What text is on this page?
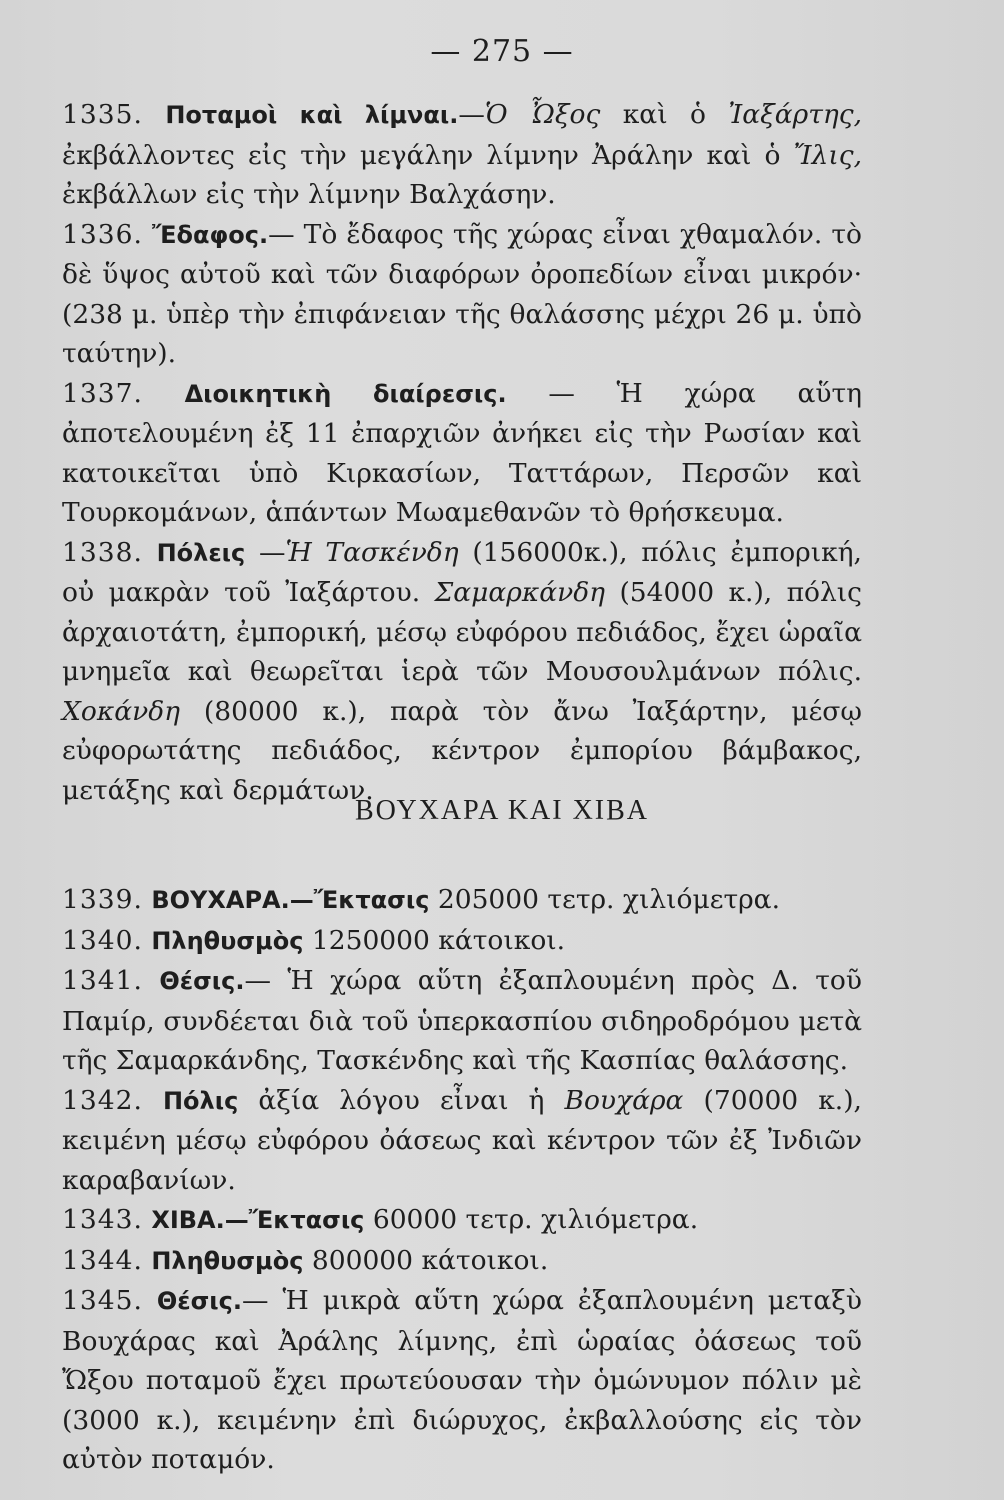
— 275 —

1335. Ποταμοὶ καὶ λίμναι.—Ὁ Ὦξος καὶ ὁ Ἰαξάρτης, ἐκβάλλοντες εἰς τὴν μεγάλην λίμνην Ἀράλην καὶ ὁ Ἴλις, ἐκβάλλων εἰς τὴν λίμνην Βαλχάσην.

1336. Ἔδαφος.— Τὸ ἔδαφος τῆς χώρας εἶναι χθαμαλόν. τὸ δὲ ὕψος αὐτοῦ καὶ τῶν διαφόρων ὀροπεδίων εἶναι μικρόν· (238 μ. ὑπὲρ τὴν ἐπιφάνειαν τῆς θαλάσσης μέχρι 26 μ. ὑπὸ ταύτην).

1337. Διοικητικὴ διαίρεσις. — Ἡ χώρα αὕτη ἀποτελουμένη ἐξ 11 ἐπαρχιῶν ἀνήκει εἰς τὴν Ρωσίαν καὶ κατοικεῖται ὑπὸ Κιρκασίων, Ταττάρων, Περσῶν καὶ Τουρκομάνων, ἁπάντων Μωαμεθανῶν τὸ θρήσκευμα.

1338. Πόλεις —Ἡ Τασκένδη (156000κ.), πόλις ἐμπορική, οὐ μακρὰν τοῦ Ἰαξάρτου. Σαμαρκάνδη (54000 κ.), πόλις ἀρχαιοτάτη, ἐμπορική, μέσῳ εὐφόρου πεδιάδος, ἔχει ὡραῖα μνημεῖα καὶ θεωρεῖται ἱερὰ τῶν Μουσουλμάνων πόλις. Χοκάνδη (80000 κ.), παρὰ τὸν ἄνω Ἰαξάρτην, μέσῳ εὐφορωτάτης πεδιάδος, κέντρον ἐμπορίου βάμβακος, μετάξης καὶ δερμάτων.

ΒΟΥΧΑΡΑ ΚΑΙ ΧΙΒΑ

1339. ΒΟΥΧΑΡΑ.—Ἔκτασις 205000 τετρ. χιλιόμετρα.

1340. Πληθυσμὸς 1250000 κάτοικοι.

1341. Θέσις.— Ἡ χώρα αὕτη ἐξαπλουμένη πρὸς Δ. τοῦ Παμίρ, συνδέεται διὰ τοῦ ὑπερκασπίου σιδηροδρόμου μετὰ τῆς Σαμαρκάνδης, Τασκένδης καὶ τῆς Κασπίας θαλάσσης.

1342. Πόλις ἀξία λόγου εἶναι ἡ Βουχάρα (70000 κ.), κειμένη μέσῳ εὐφόρου ὀάσεως καὶ κέντρον τῶν ἐξ Ἰνδιῶν καραβανίων.

1343. ΧΙΒΑ.—Ἔκτασις 60000 τετρ. χιλιόμετρα.

1344. Πληθυσμὸς 800000 κάτοικοι.

1345. Θέσις.— Ἡ μικρὰ αὕτη χώρα ἐξαπλουμένη μεταξὺ Βουχάρας καὶ Ἀράλης λίμνης, ἐπὶ ὡραίας ὀάσεως τοῦ Ὤξου ποταμοῦ ἔχει πρωτεύουσαν τὴν ὁμώνυμον πόλιν μὲ (3000 κ.), κειμένην ἐπὶ διώρυχος, ἐκβαλλούσης εἰς τὸν αὐτὸν ποταμόν.
